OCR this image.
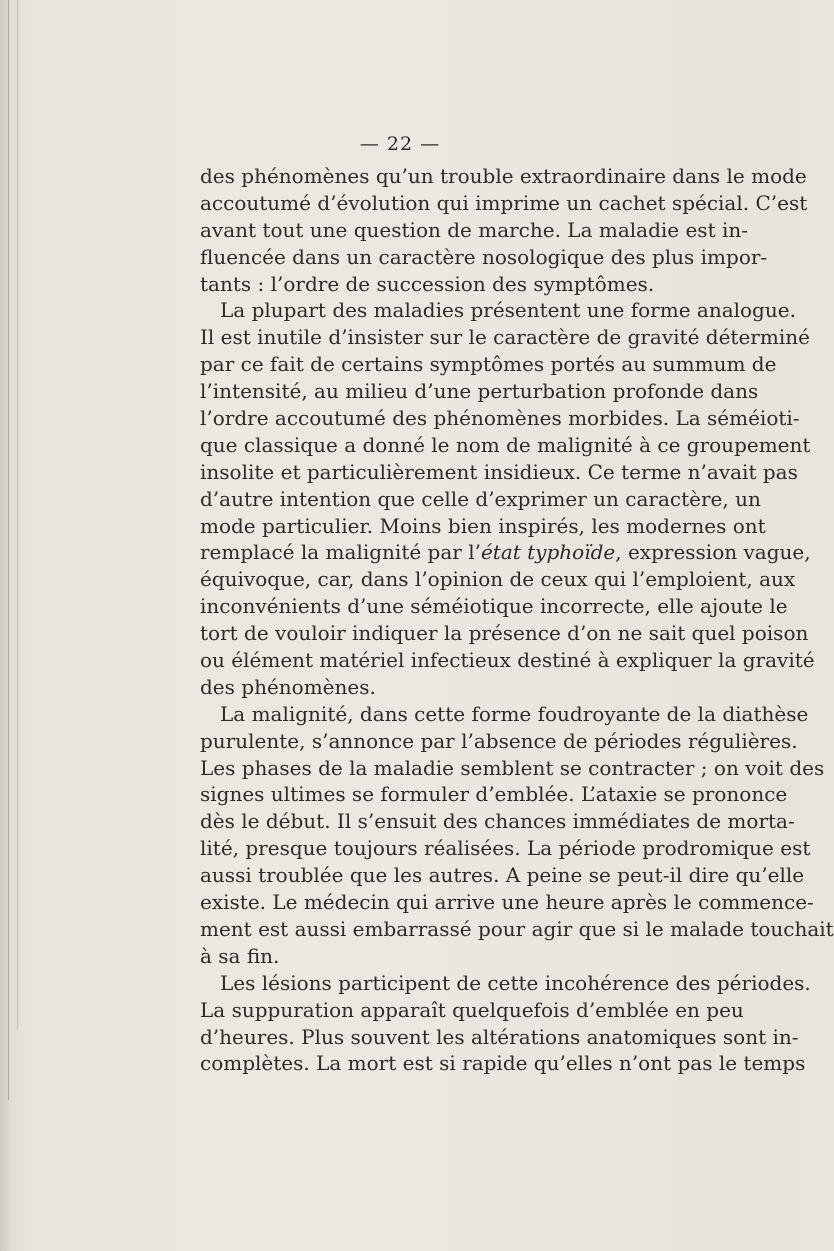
— 22 —

des phénomènes qu’un trouble extraordinaire dans le mode
accoutumé d’évolution qui imprime un cachet spécial. C’est
avant tout une question de marche. La maladie est in-
fluencée dans un caractère nosologique des plus impor-
tants : l’ordre de succession des symptômes.
La plupart des maladies présentent une forme analogue.
Il est inutile d’insister sur le caractère de gravité déterminé
par ce fait de certains symptômes portés au summum de
l’intensité, au milieu d’une perturbation profonde dans
l’ordre accoutumé des phénomènes morbides. La séméioti-
que classique a donné le nom de malignité à ce groupement
insolite et particulièrement insidieux. Ce terme n’avait pas
d’autre intention que celle d’exprimer un caractère, un
mode particulier. Moins bien inspirés, les modernes ont
remplacé la malignité par l’état typhoïde, expression vague,
équivoque, car, dans l’opinion de ceux qui l’emploient, aux
inconvénients d’une séméiotique incorrecte, elle ajoute le
tort de vouloir indiquer la présence d’on ne sait quel poison
ou élément matériel infectieux destiné à expliquer la gravité
des phénomènes.
La malignité, dans cette forme foudroyante de la diathèse
purulente, s’annonce par l’absence de périodes régulières.
Les phases de la maladie semblent se contracter ; on voit des
signes ultimes se formuler d’emblée. L’ataxie se prononce
dès le début. Il s’ensuit des chances immédiates de morta-
lité, presque toujours réalisées. La période prodromique est
aussi troublée que les autres. A peine se peut-il dire qu’elle
existe. Le médecin qui arrive une heure après le commence-
ment est aussi embarrassé pour agir que si le malade touchait
à sa fin.
Les lésions participent de cette incohérence des périodes.
La suppuration apparaît quelquefois d’emblée en peu
d’heures. Plus souvent les altérations anatomiques sont in-
complètes. La mort est si rapide qu’elles n’ont pas le temps
